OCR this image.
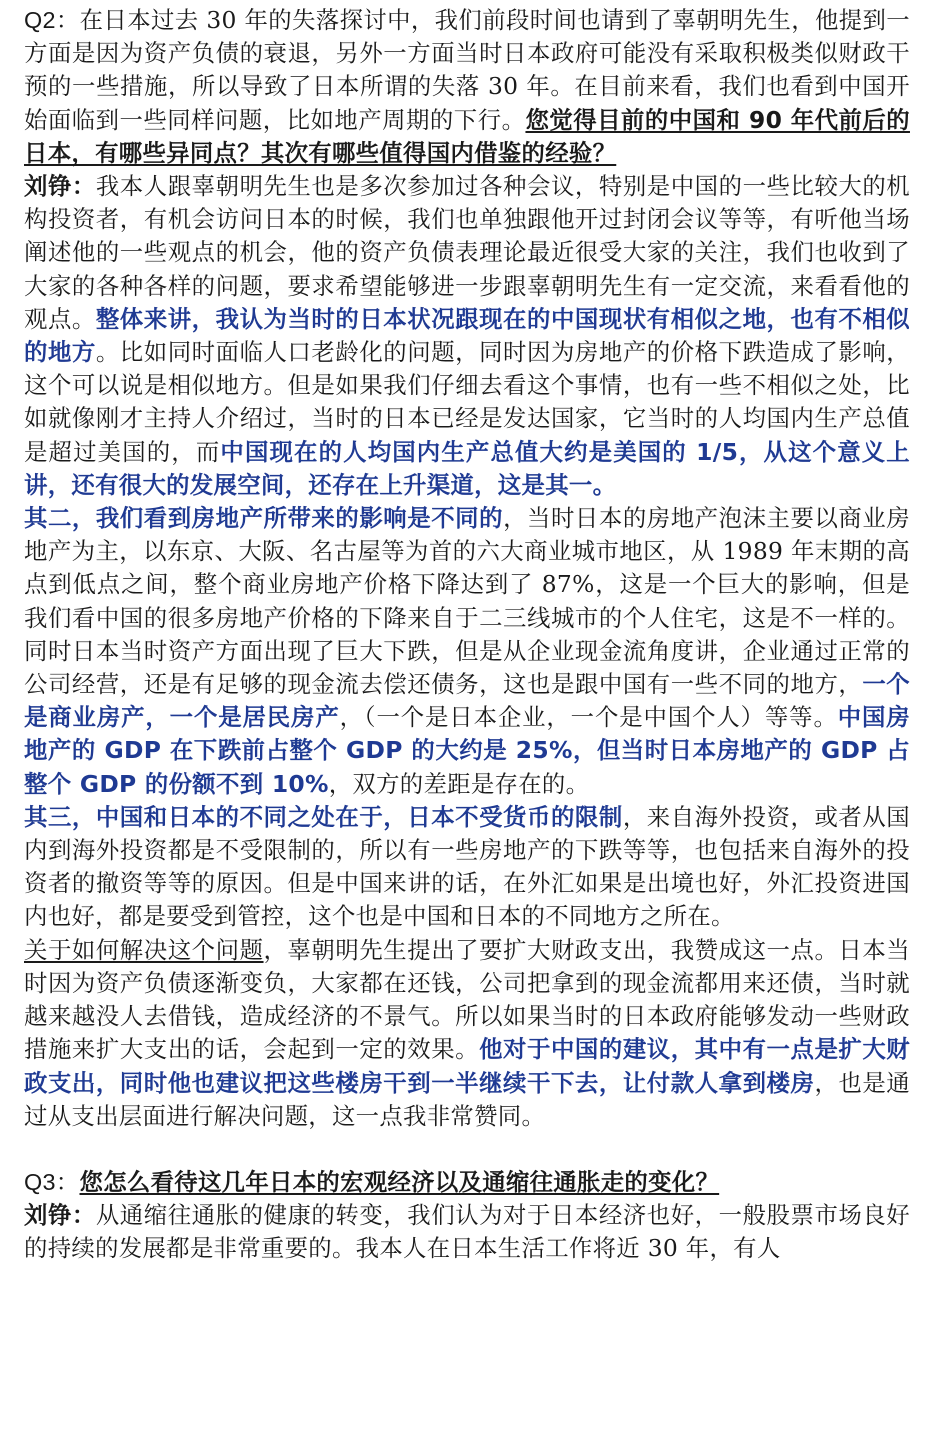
Q2：在日本过去 30 年的失落探讨中，我们前段时间也请到了辜朝明先生，他提到一方面是因为资产负债的衰退，另外一方面当时日本政府可能没有采取积极类似财政干预的一些措施，所以导致了日本所谓的失落 30 年。在目前来看，我们也看到中国开始面临到一些同样问题，比如地产周期的下行。您觉得目前的中国和 90 年代前后的日本，有哪些异同点？其次有哪些值得国内借鉴的经验？

刘铮：我本人跟辜朝明先生也是多次参加过各种会议，特别是中国的一些比较大的机构投资者，有机会访问日本的时候，我们也单独跟他开过封闭会议等等，有听他当场阐述他的一些观点的机会，他的资产负债表理论最近很受大家的关注，我们也收到了大家的各种各样的问题，要求希望能够进一步跟辜朝明先生有一定交流，来看看他的观点。整体来讲，我认为当时的日本状况跟现在的中国现状有相似之地，也有不相似的地方。比如同时面临人口老龄化的问题，同时因为房地产的价格下跌造成了影响，这个可以说是相似地方。但是如果我们仔细去看这个事情，也有一些不相似之处，比如就像刚才主持人介绍过，当时的日本已经是发达国家，它当时的人均国内生产总值是超过美国的，而中国现在的人均国内生产总值大约是美国的 1/5，从这个意义上讲，还有很大的发展空间，还存在上升渠道，这是其一。

其二，我们看到房地产所带来的影响是不同的，当时日本的房地产泡沫主要以商业房地产为主，以东京、大阪、名古屋等为首的六大商业城市地区，从 1989 年末期的高点到低点之间，整个商业房地产价格下降达到了 87%，这是一个巨大的影响，但是我们看中国的很多房地产价格的下降来自于二三线城市的个人住宅，这是不一样的。同时日本当时资产方面出现了巨大下跌，但是从企业现金流角度讲，企业通过正常的公司经营，还是有足够的现金流去偿还债务，这也是跟中国有一些不同的地方，一个是商业房产，一个是居民房产，（一个是日本企业，一个是中国个人）等等。中国房地产的 GDP 在下跌前占整个 GDP 的大约是 25%，但当时日本房地产的 GDP 占整个 GDP 的份额不到 10%，双方的差距是存在的。

其三，中国和日本的不同之处在于，日本不受货币的限制，来自海外投资，或者从国内到海外投资都是不受限制的，所以有一些房地产的下跌等等，也包括来自海外的投资者的撤资等等的原因。但是中国来讲的话，在外汇如果是出境也好，外汇投资进国内也好，都是要受到管控，这个也是中国和日本的不同地方之所在。

关于如何解决这个问题，辜朝明先生提出了要扩大财政支出，我赞成这一点。日本当时因为资产负债逐渐变负，大家都在还钱，公司把拿到的现金流都用来还债，当时就越来越没人去借钱，造成经济的不景气。所以如果当时的日本政府能够发动一些财政措施来扩大支出的话，会起到一定的效果。他对于中国的建议，其中有一点是扩大财政支出，同时他也建议把这些楼房干到一半继续干下去，让付款人拿到楼房，也是通过从支出层面进行解决问题，这一点我非常赞同。

Q3：您怎么看待这几年日本的宏观经济以及通缩往通胀走的变化？

刘铮：从通缩往通胀的健康的转变，我们认为对于日本经济也好，一般股票市场良好的持续的发展都是非常重要的。我本人在日本生活工作将近 30 年，有人
